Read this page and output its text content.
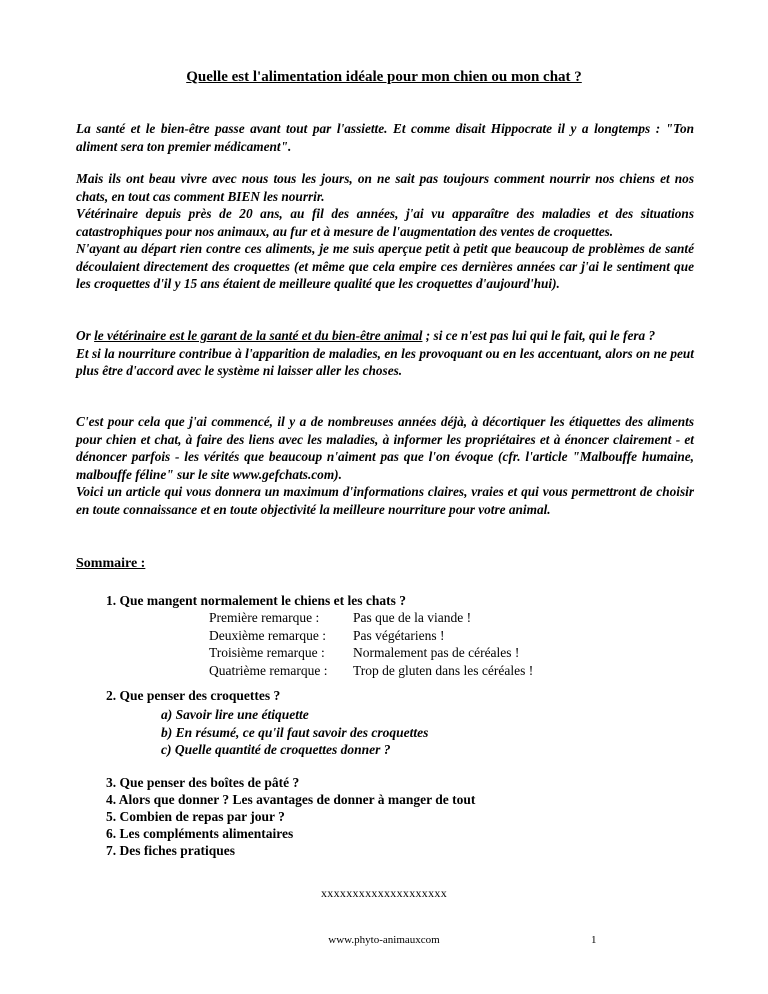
Quelle est l'alimentation idéale pour mon chien ou mon chat ?

La santé et le bien-être passe avant tout par l'assiette. Et comme disait Hippocrate il y a longtemps : "Ton aliment sera ton premier médicament".

Mais ils ont beau vivre avec nous tous les jours, on ne sait pas toujours comment nourrir nos chiens et nos chats, en tout cas comment BIEN les nourrir.

Vétérinaire depuis près de 20 ans, au fil des années, j'ai vu apparaître des maladies et des situations catastrophiques pour nos animaux, au fur et à mesure de l'augmentation des ventes de croquettes.

N'ayant au départ rien contre ces aliments, je me suis aperçue petit à petit que beaucoup de problèmes de santé découlaient directement des croquettes (et même que cela empire ces dernières années car j'ai le sentiment que les croquettes d'il y 15 ans étaient de meilleure qualité que les croquettes d'aujourd'hui).

Or le vétérinaire est le garant de la santé et du bien-être animal ; si ce n'est pas lui qui le fait, qui le fera ?

Et si la nourriture contribue à l'apparition de maladies, en les provoquant ou en les accentuant, alors on ne peut plus être d'accord avec le système ni laisser aller les choses.

C'est pour cela que j'ai commencé, il y a de nombreuses années déjà, à décortiquer les étiquettes des aliments pour chien et chat, à faire des liens avec les maladies, à informer les propriétaires et à énoncer clairement - et dénoncer parfois - les vérités que beaucoup n'aiment pas que l'on évoque (cfr. l'article "Malbouffe humaine, malbouffe féline" sur le site www.gefchats.com).

Voici un article qui vous donnera un maximum d'informations claires, vraies et qui vous permettront de choisir en toute connaissance et en toute objectivité la meilleure nourriture pour votre animal.

Sommaire :
1. Que mangent normalement le chiens et les chats ?
Première remarque :	Pas que de la viande !
Deuxième remarque :	Pas végétariens !
Troisième remarque :	Normalement pas de céréales !
Quatrième remarque :	Trop de gluten dans les céréales !
2. Que penser des croquettes ?
a) Savoir lire une étiquette
b) En résumé, ce qu'il faut savoir des croquettes
c) Quelle quantité de croquettes donner ?
3. Que penser des boîtes de pâté ?
4. Alors que donner ? Les avantages de donner à manger de tout
5. Combien de repas par jour ?
6. Les compléments alimentaires
7. Des fiches pratiques
xxxxxxxxxxxxxxxxxxxx
www.phyto-animauxcom	1
